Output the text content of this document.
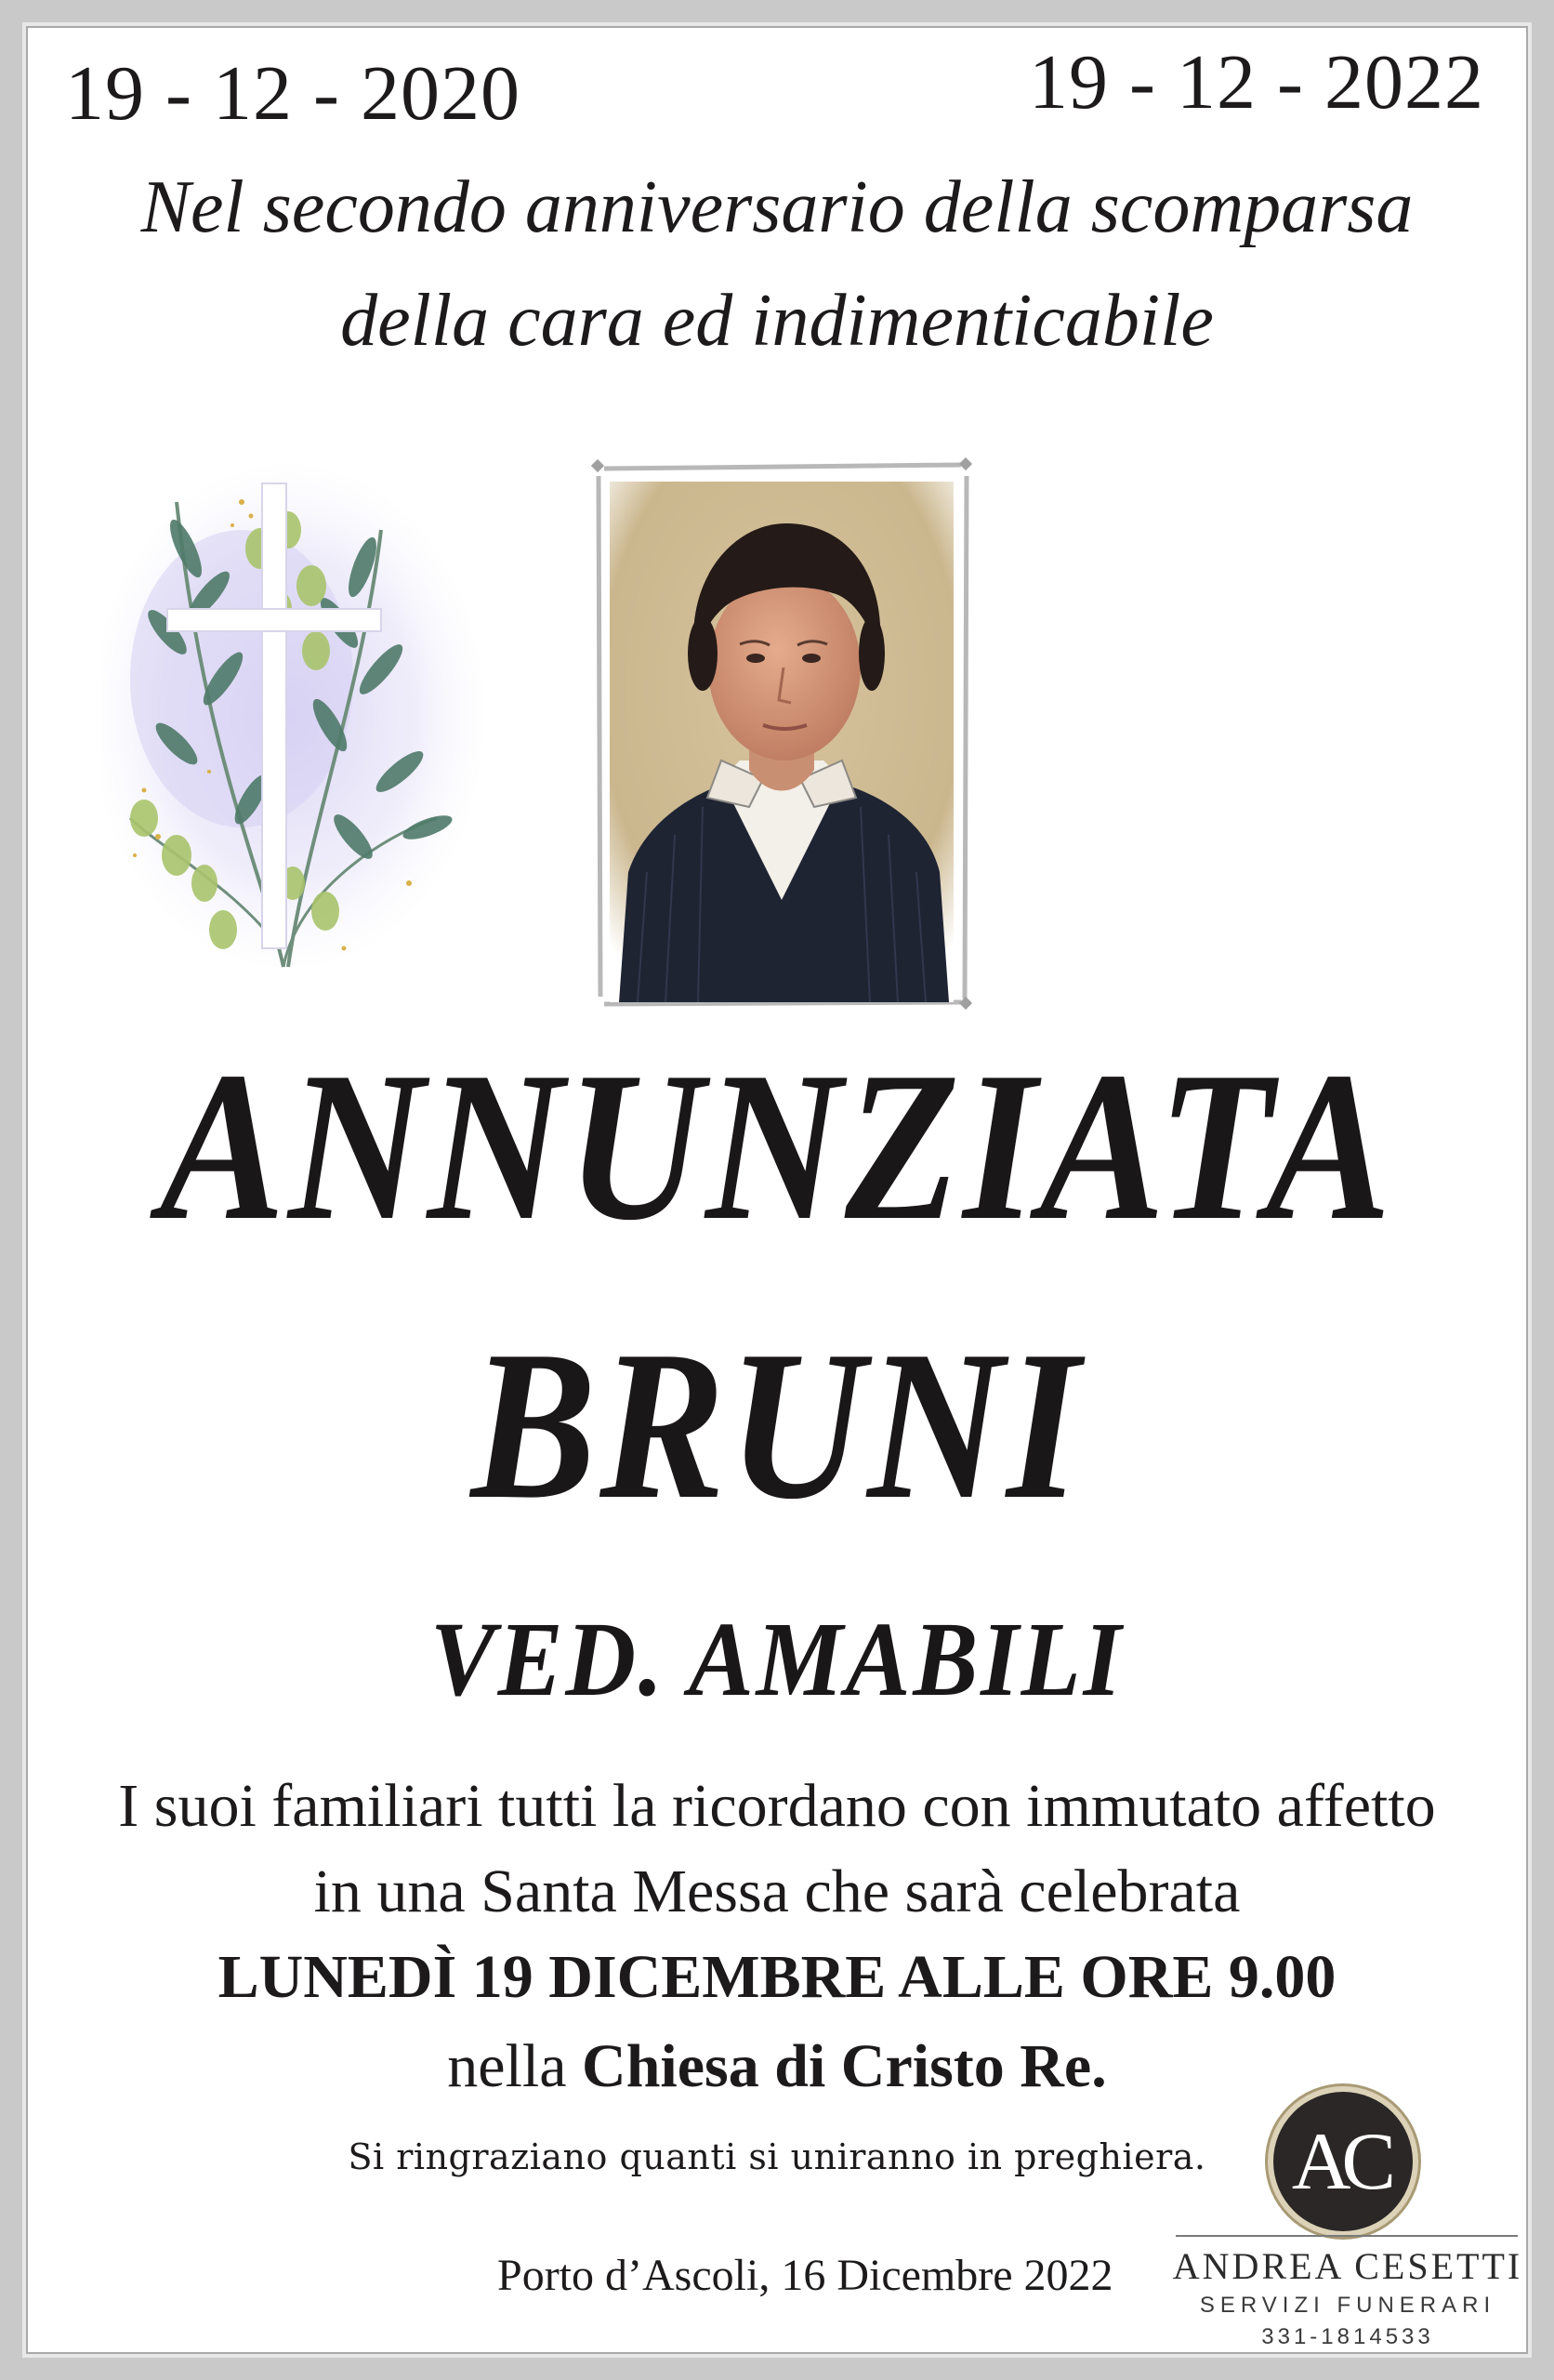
19 - 12 - 2020	19 - 12 - 2022
Nel secondo anniversario della scomparsa
della cara ed indimenticabile
ANNUNZIATA
BRUNI
VED. AMABILI
I suoi familiari tutti la ricordano con immutato affetto
in una Santa Messa che sarà celebrata
LUNEDÌ 19 DICEMBRE ALLE ORE 9.00
nella Chiesa di Cristo Re.
Si ringraziano quanti si uniranno in preghiera.
Porto d’Ascoli, 16 Dicembre 2022
AC
ANDREA CESETTI
SERVIZI FUNERARI
331-1814533
